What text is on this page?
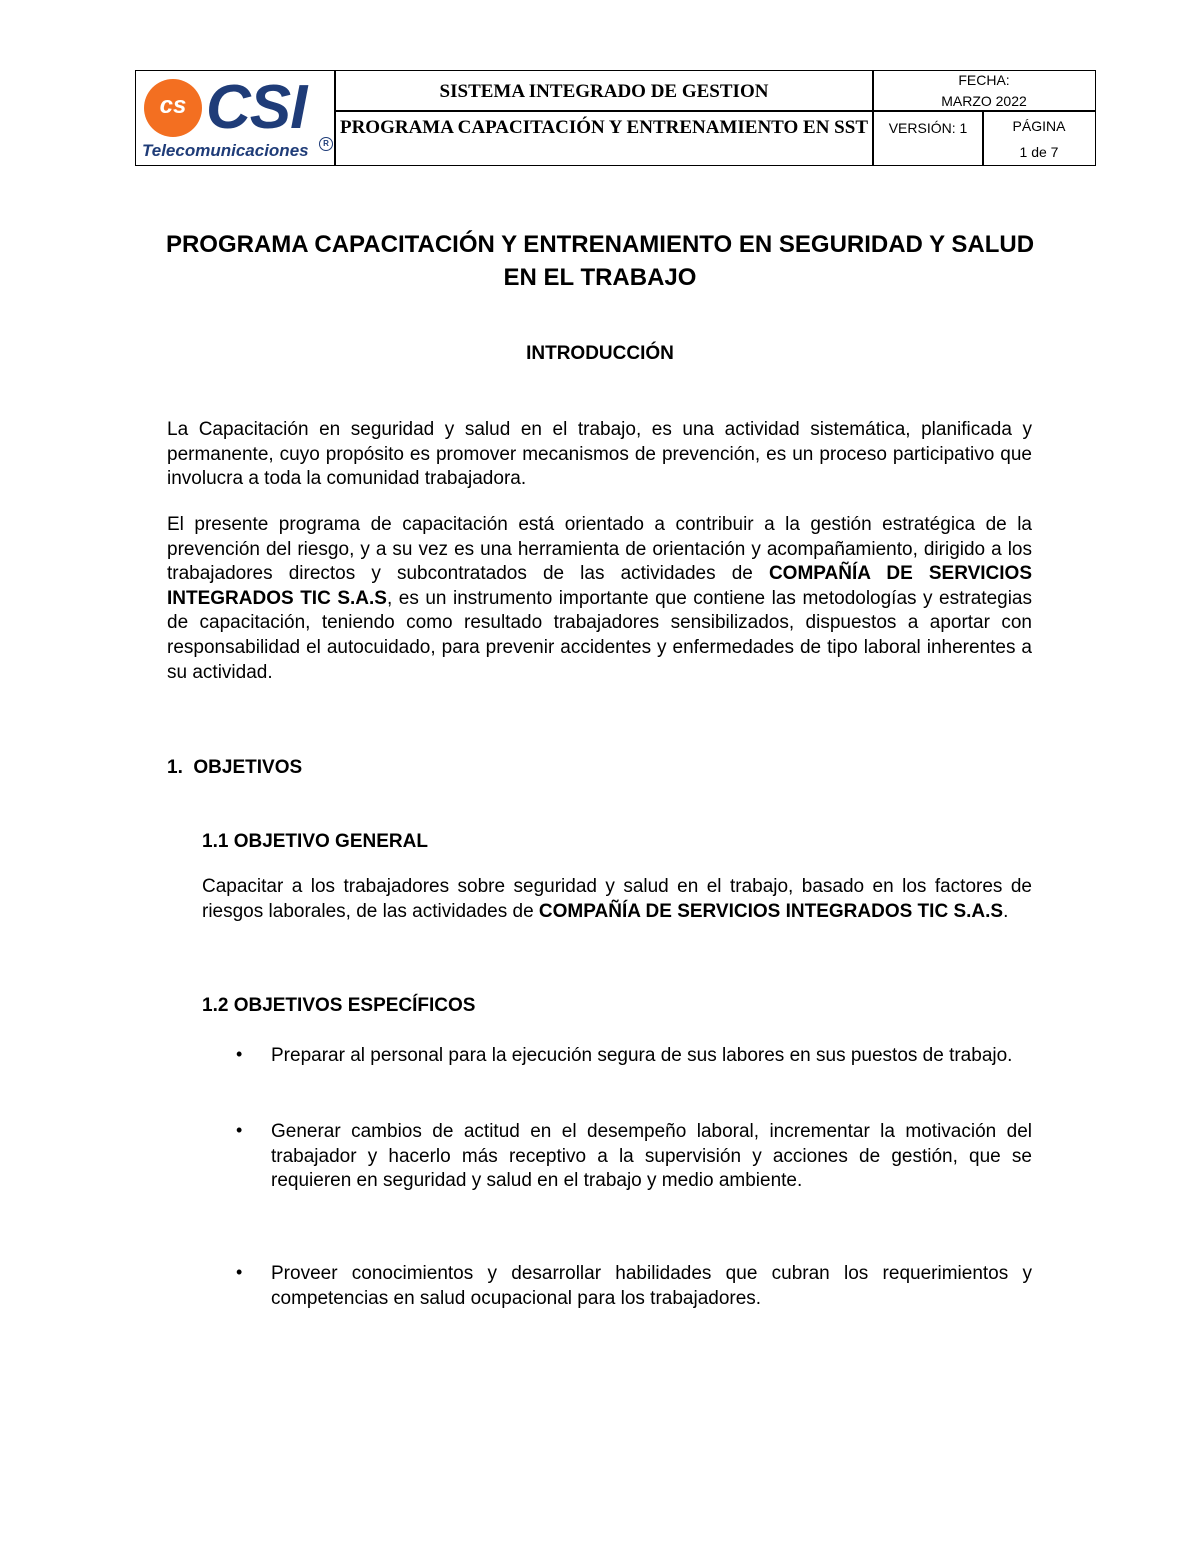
cs CSI
Telecomunicaciones	R
SISTEMA INTEGRADO DE GESTION
PROGRAMA CAPACITACIÓN Y ENTRENAMIENTO EN SST
FECHA:
MARZO 2022
VERSIÓN: 1	PÁGINA
1 de 7
PROGRAMA CAPACITACIÓN Y ENTRENAMIENTO EN SEGURIDAD Y SALUD EN EL TRABAJO
INTRODUCCIÓN
La Capacitación en seguridad y salud en el trabajo, es una actividad sistemática, planificada y permanente, cuyo propósito es promover mecanismos de prevención, es un proceso participativo que involucra a toda la comunidad trabajadora.
El presente programa de capacitación está orientado a contribuir a la gestión estratégica de la prevención del riesgo, y a su vez es una herramienta de orientación y acompañamiento, dirigido a los trabajadores directos y subcontratados de las actividades de COMPAÑÍA DE SERVICIOS INTEGRADOS TIC S.A.S, es un instrumento importante que contiene las metodologías y estrategias de capacitación, teniendo como resultado trabajadores sensibilizados, dispuestos a aportar con responsabilidad el autocuidado, para prevenir accidentes y enfermedades de tipo laboral inherentes a su actividad.
1.  OBJETIVOS
1.1 OBJETIVO GENERAL
Capacitar a los trabajadores sobre seguridad y salud en el trabajo, basado en los factores de riesgos laborales, de las actividades de COMPAÑÍA DE SERVICIOS INTEGRADOS TIC S.A.S.
1.2 OBJETIVOS ESPECÍFICOS
• Preparar al personal para la ejecución segura de sus labores en sus puestos de trabajo.
• Generar cambios de actitud en el desempeño laboral, incrementar la motivación del trabajador y hacerlo más receptivo a la supervisión y acciones de gestión, que se requieren en seguridad y salud en el trabajo y medio ambiente.
• Proveer conocimientos y desarrollar habilidades que cubran los requerimientos y competencias en salud ocupacional para los trabajadores.
